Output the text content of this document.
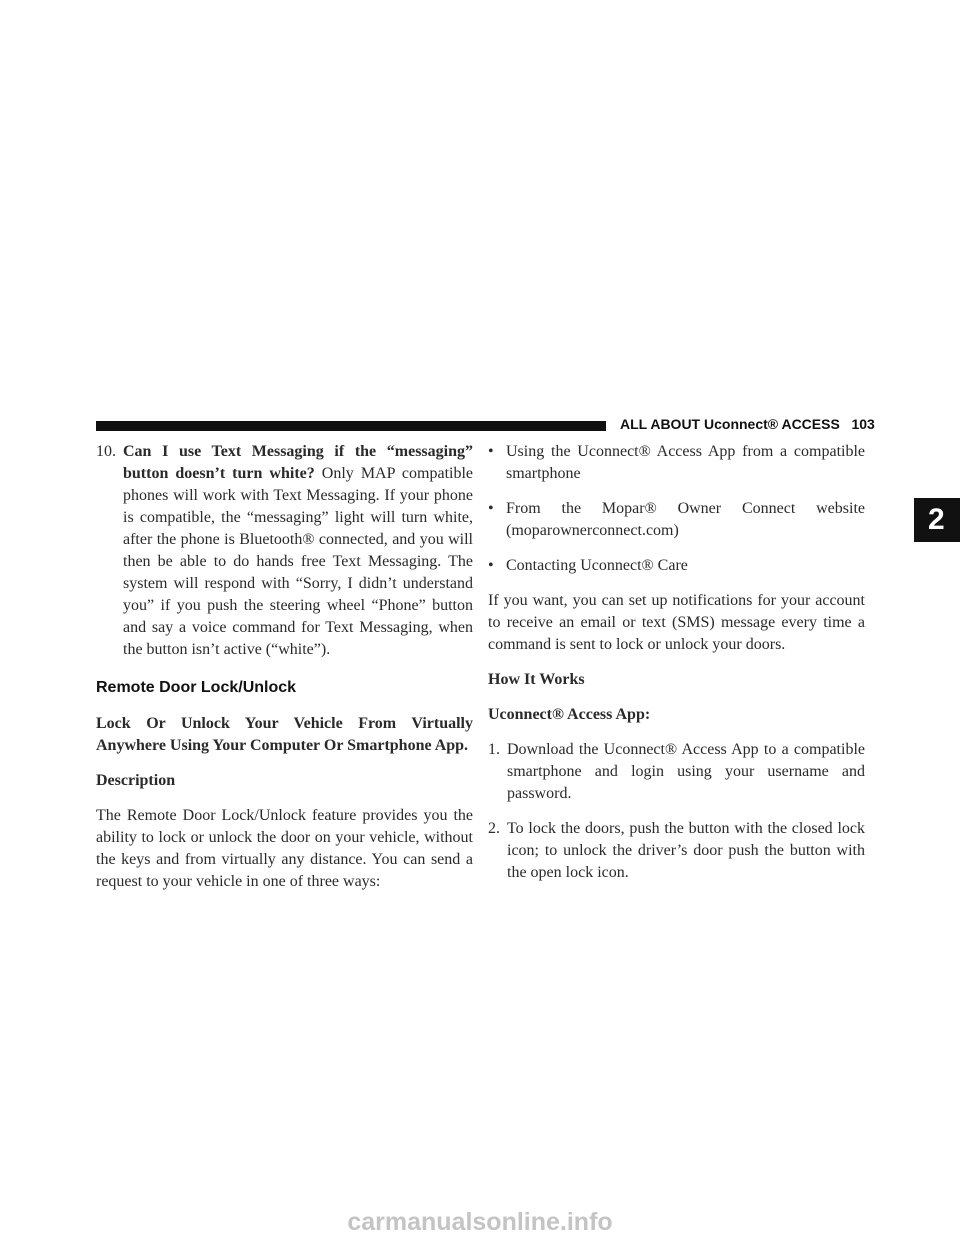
ALL ABOUT Uconnect® ACCESS 103
2
10. Can I use Text Messaging if the “messaging” button doesn’t turn white? Only MAP compatible phones will work with Text Messaging. If your phone is compatible, the “messaging” light will turn white, after the phone is Bluetooth® connected, and you will then be able to do hands free Text Messaging. The system will respond with “Sorry, I didn’t understand you” if you push the steering wheel “Phone” button and say a voice command for Text Messaging, when the button isn’t active (“white”).
Remote Door Lock/Unlock

Lock Or Unlock Your Vehicle From Virtually Anywhere Using Your Computer Or Smartphone App.

Description

The Remote Door Lock/Unlock feature provides you the ability to lock or unlock the door on your vehicle, without the keys and from virtually any distance. You can send a request to your vehicle in one of three ways:

• Using the Uconnect® Access App from a compatible smartphone
• From the Mopar® Owner Connect website (moparownerconnect.com)
• Contacting Uconnect® Care

If you want, you can set up notifications for your account to receive an email or text (SMS) message every time a command is sent to lock or unlock your doors.

How It Works

Uconnect® Access App:

1. Download the Uconnect® Access App to a compatible smartphone and login using your username and password.
2. To lock the doors, push the button with the closed lock icon; to unlock the driver’s door push the button with the open lock icon.
carmanualsonline.info
